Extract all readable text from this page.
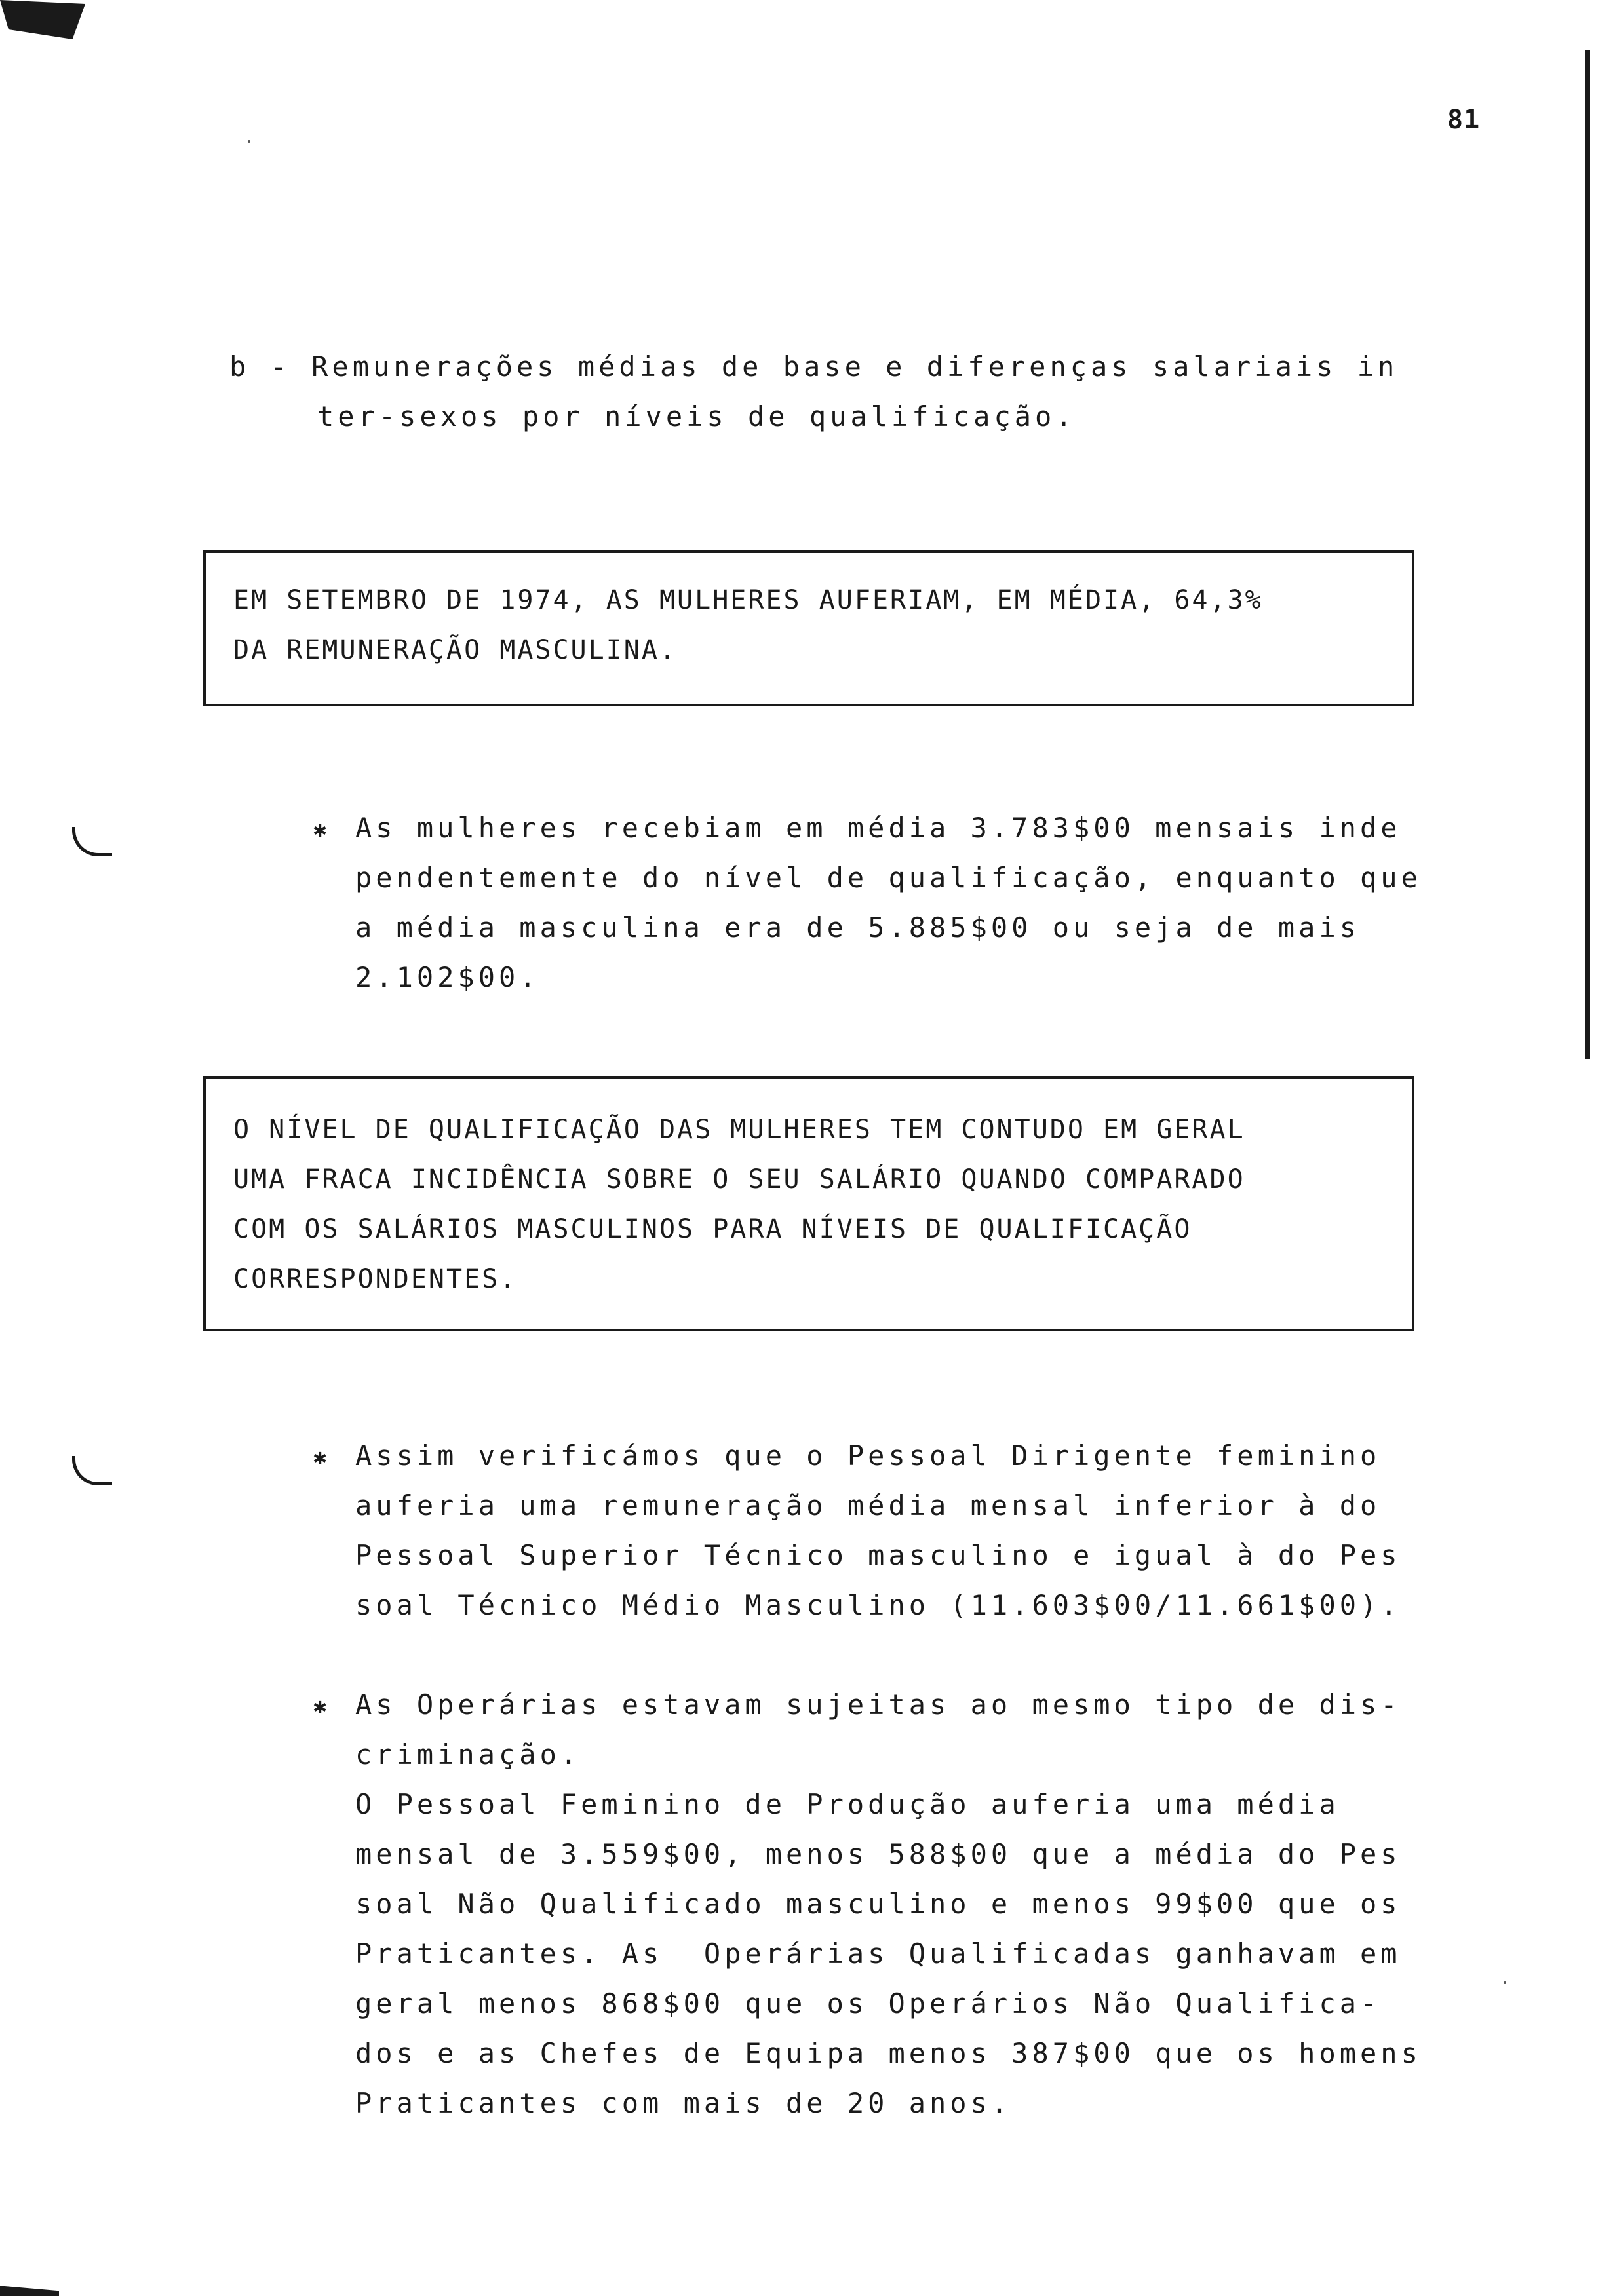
81
b - Remunerações médias de base e diferenças salariais in
ter-sexos por níveis de qualificação.
EM SETEMBRO DE 1974, AS MULHERES AUFERIAM, EM MÉDIA, 64,3%
DA REMUNERAÇÃO MASCULINA.
✱ As mulheres recebiam em média 3.783$00 mensais inde
pendentemente do nível de qualificação, enquanto que
a média masculina era de 5.885$00 ou seja de mais
2.102$00.
O NÍVEL DE QUALIFICAÇÃO DAS MULHERES TEM CONTUDO EM GERAL
UMA FRACA INCIDÊNCIA SOBRE O SEU SALÁRIO QUANDO COMPARADO
COM OS SALÁRIOS MASCULINOS PARA NÍVEIS DE QUALIFICAÇÃO
CORRESPONDENTES.
✱ Assim verificámos que o Pessoal Dirigente feminino
auferia uma remuneração média mensal inferior à do
Pessoal Superior Técnico masculino e igual à do Pes
soal Técnico Médio Masculino (11.603$00/11.661$00).
✱ As Operárias estavam sujeitas ao mesmo tipo de dis-
criminação.
O Pessoal Feminino de Produção auferia uma média
mensal de 3.559$00, menos 588$00 que a média do Pes
soal Não Qualificado masculino e menos 99$00 que os
Praticantes. As  Operárias Qualificadas ganhavam em
geral menos 868$00 que os Operários Não Qualifica-
dos e as Chefes de Equipa menos 387$00 que os homens
Praticantes com mais de 20 anos.
